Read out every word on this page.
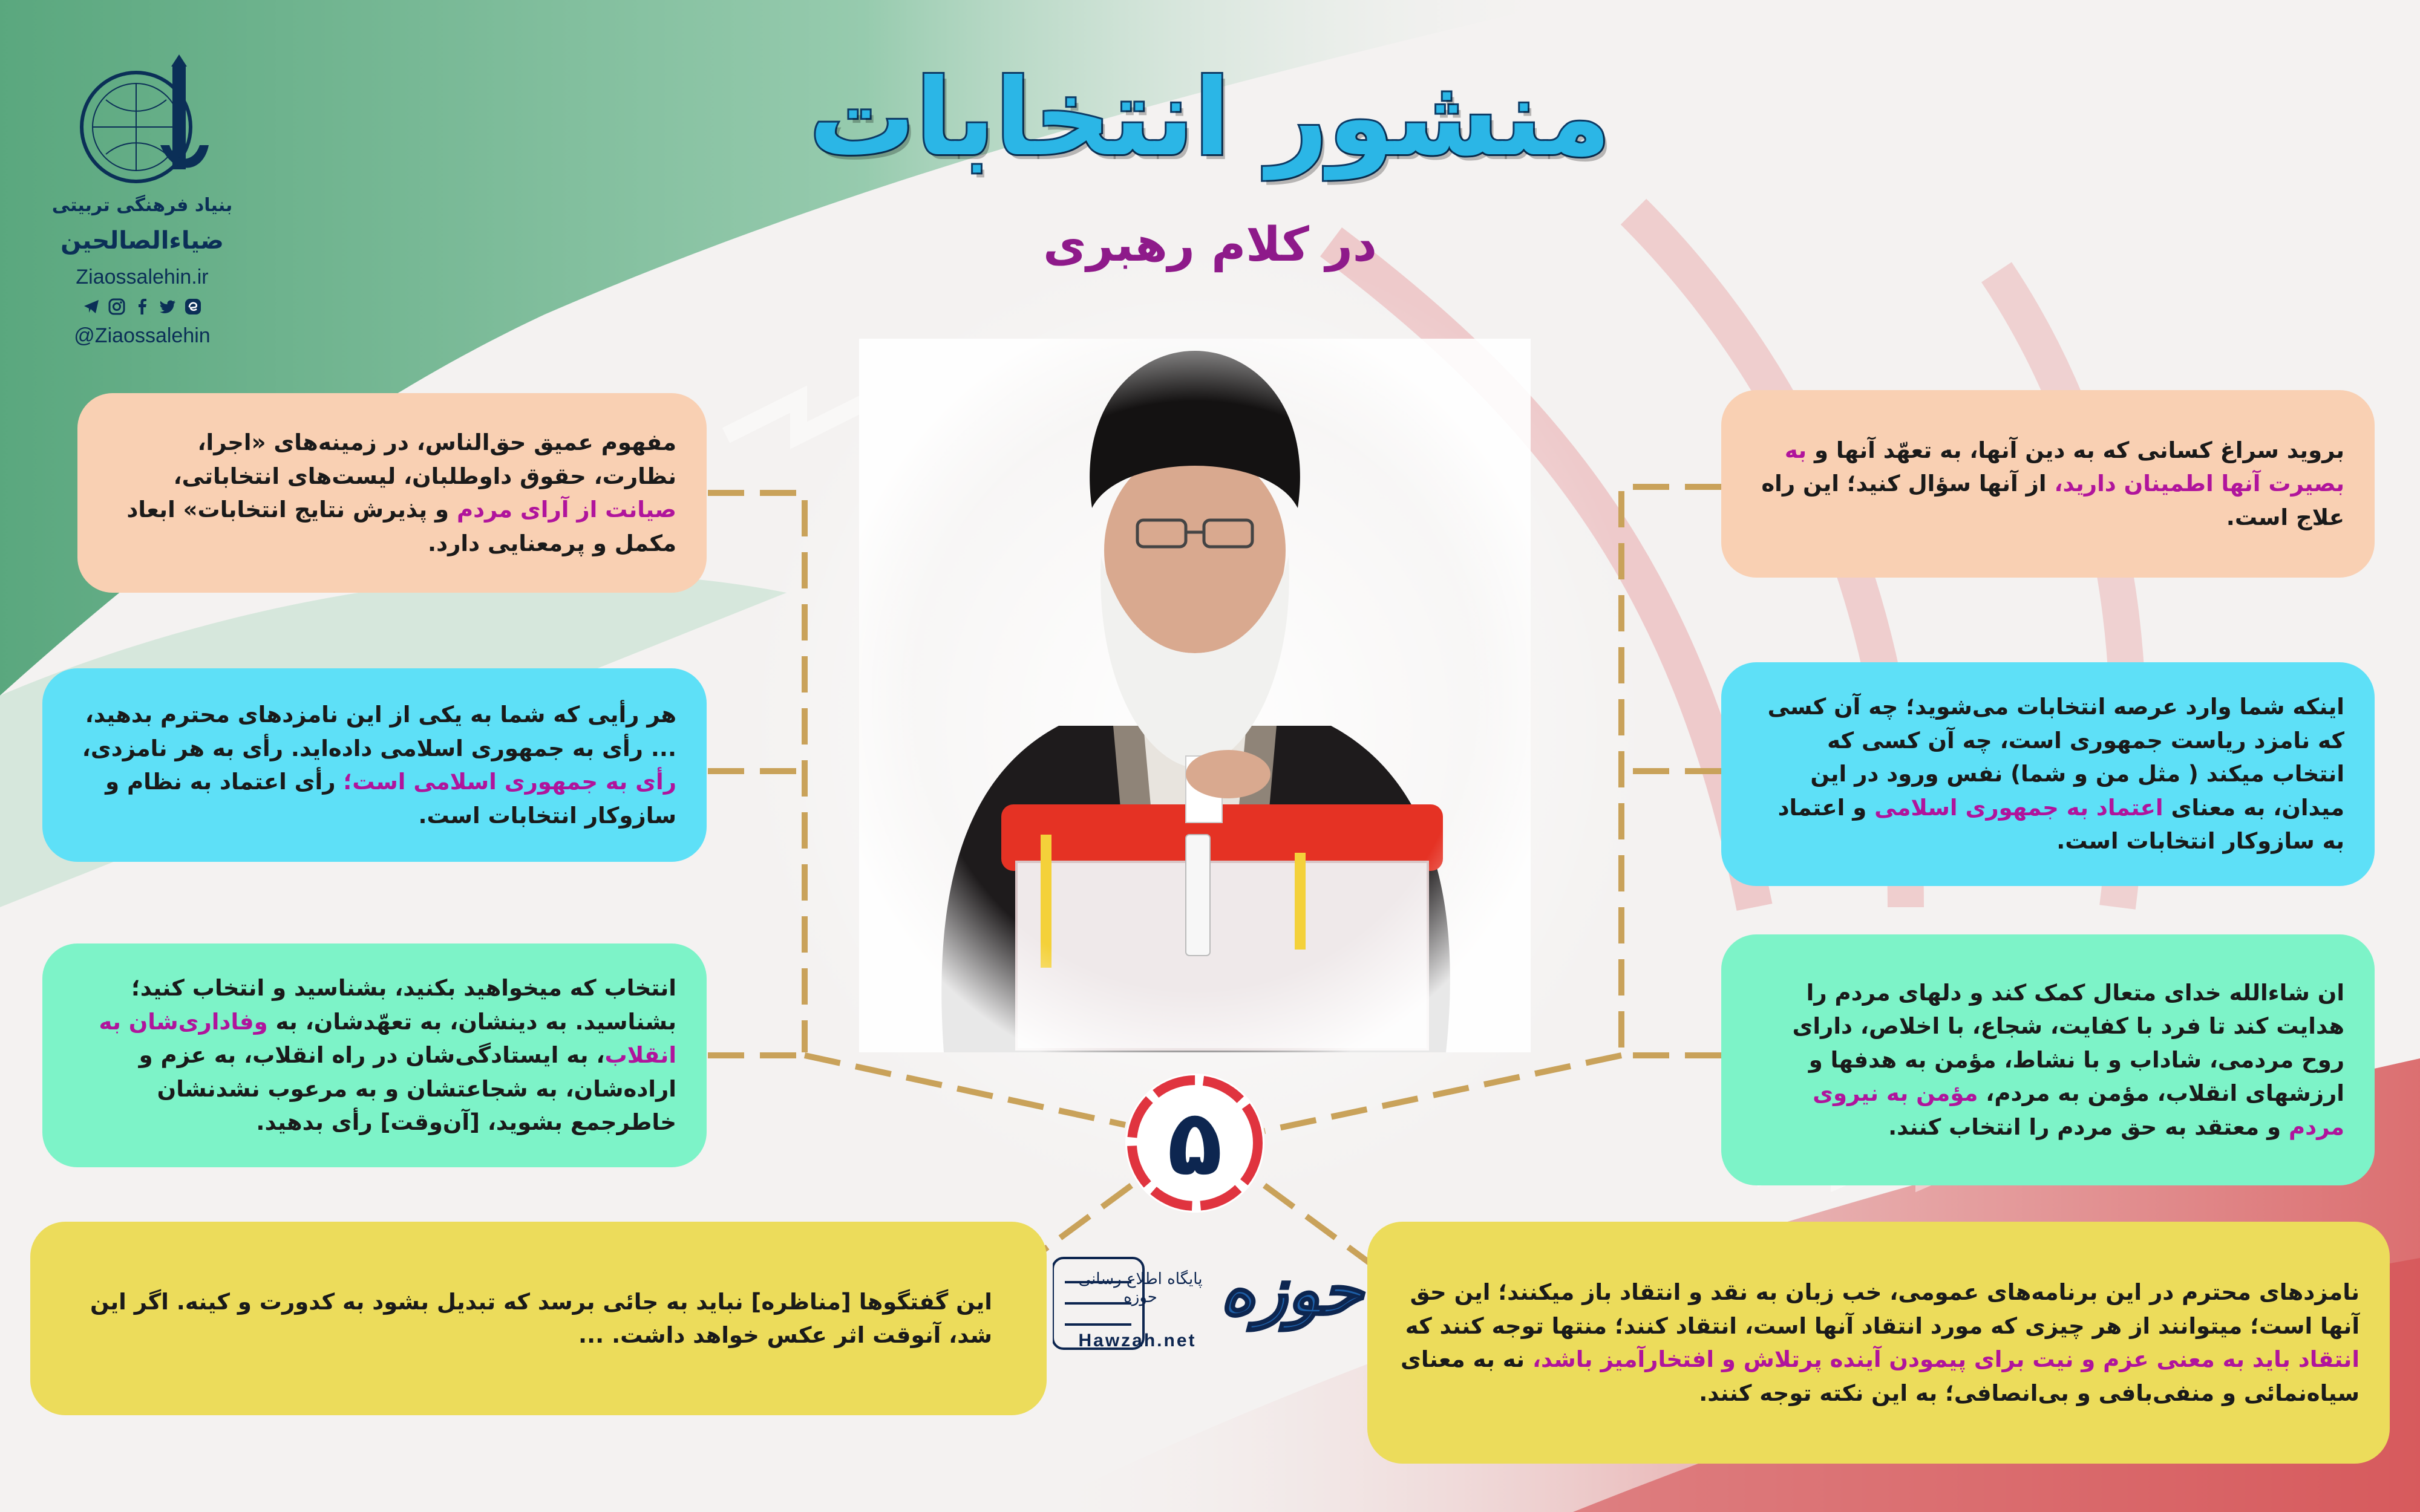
بنیاد فرهنگی تربیتی
ضیاءالصالحین
Ziaossalehin.ir
@Ziaossalehin
منشور انتخابات
در کلام رهبری

مفهوم عمیق حق‌الناس، در زمینه‌های «اجرا، نظارت، حقوق داوطلبان، لیست‌های انتخاباتی، صیانت از آرای مردم و پذیرش نتایج انتخابات» ابعاد مکمل و پرمعنایی دارد.

هر رأیی که شما به یکی از این نامزدهای محترم بدهید، ... رأی به جمهوری اسلامی داده‌اید. رأی به هر نامزدی، رأی به جمهوری اسلامی است؛ رأی اعتماد به نظام و سازوکار انتخابات است.

انتخاب که میخواهید بکنید، بشناسید و انتخاب کنید؛ بشناسید. به دینشان، به تعهّدشان، به وفاداری‌شان به انقلاب، به ایستادگی‌شان در راه انقلاب، به عزم و اراده‌شان، به شجاعتشان و به مرعوب نشدنشان خاطرجمع بشوید، [آن‌وقت] رأی بدهید.

بروید سراغ کسانی که به دین آنها، به تعهّد آنها و به بصیرت آنها اطمینان دارید، از آنها سؤال کنید؛ این راه علاج است.

اینکه شما وارد عرصه انتخابات می‌شوید؛ چه آن کسی که نامزد ریاست جمهوری است، چه آن کسی که انتخاب میکند ( مثل من و شما) نفس ورود در این میدان، به معنای اعتماد به جمهوری اسلامی و اعتماد به سازوکار انتخابات است.

ان شاءالله خدای متعال کمک کند و دلهای مردم را هدایت کند تا فرد با کفایت، شجاع، با اخلاص، دارای روح مردمی، شاداب و با نشاط، مؤمن به هدفها و ارزشهای انقلاب، مؤمن به مردم، مؤمن به نیروی مردم و معتقد به حق مردم را انتخاب کنند.

این گفتگوها [مناظره] نباید به جائی برسد که تبدیل بشود به کدورت و کینه. اگر این شد، آنوقت اثر عکس خواهد داشت. ...

نامزدهای محترم در این برنامه‌های عمومی، خب زبان به نقد و انتقاد باز میکنند؛ این حق آنها است؛ میتوانند از هر چیزی که مورد انتقاد آنها است، انتقاد کنند؛ منتها توجه کنند که انتقاد باید به معنی عزم و نیت برای پیمودن آینده پرتلاش و افتخارآمیز باشد، نه به معنای سیاه‌نمائی و منفی‌بافی و بی‌انصافی؛ به این نکته توجه کنند.

حوزه
پایگاه اطلاع رسانی حوزه
Hawzah.net
۵
